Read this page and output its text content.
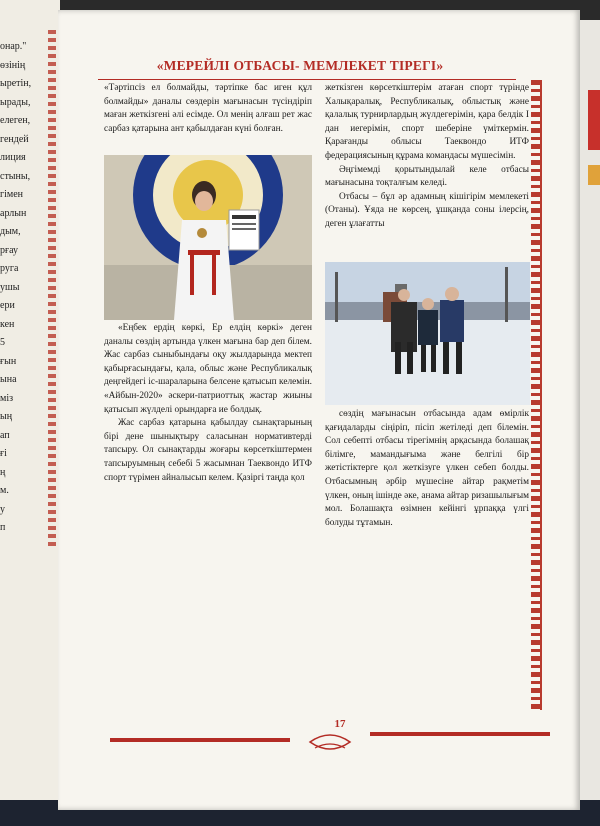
онар."
өзінің
ыретін,
ырады,
елеген,
гендей
лиция
стыны,
гімен
арлын
дым,
рғау
руга
ушы
ери
кен
5
ғын
ына
міз
ың
ап
ғі
ң
м.
у
п
«МЕРЕЙЛІ ОТБАСЫ- МЕМЛЕКЕТ ТІРЕГІ»

«Тәртіпсіз ел болмайды, тәртіпке бас иген құл болмайды» даналы сөздерін мағынасын түсіндіріп маған жеткізгені әлі есімде. Ол менің алғаш рет жас сарбаз қатарына ант қабылдаған күні болған.

«Еңбек ердің көркі, Ер елдің көркі» деген даналы сөздің артында үлкен мағына бар деп білем. Жас сарбаз сыныбындағы оқу жылдарында мектеп қабырғасындағы, қала, облыс және Республикалық деңгейдегі іс-шараларына белсене қатысып келемін. «Айбын-2020» әскери-патриоттық жастар жиыны қатысып жүлделі орындарға ие болдық.

Жас сарбаз қатарына қабылдау сынақтарының бірі дене шынықтыру саласынан нормативтерді тапсыру. Ол сынақтарды жоғары көрсеткіштермен тапсыруымның себебі 5 жасымнан Таеквондо ИТФ спорт түрімен айналысып келем. Қазіргі таңда қол

жеткізген көрсеткіштерім атаған спорт түрінде Халықаралық, Республикалық, облыстық және қалалық турнирлардың жүлдегерімін, қара белдік І дан иегерімін, спорт шеберіне үміткермін. Қарағанды облысы Таеквондо ИТФ федерациясының құрама командасы мүшесімін.

Әңгімемді қорытындылай келе отбасы мағынасына тоқталғым келеді.

Отбасы – бұл әр адамның кішігірім мемлекеті (Отаны). Ұяда не көрсең, ұшқанда соны ілерсің, деген ұлағатты

сөздің мағынасын отбасында адам өмірлік қағидаларды сіңіріп, пісіп жетіледі деп білемін. Сол себепті отбасы тірегімнің арқасында болашақ білімге, мамандығыма және белгілі бір жетістіктерге қол жеткізуге үлкен себеп болды. Отбасымның әрбір мүшесіне айтар рақметім үлкен, оның ішінде әке, анама айтар ризашылығым мол. Болашақта өзімнен кейінгі ұрпаққа үлгі болуды тұтамын.

17
